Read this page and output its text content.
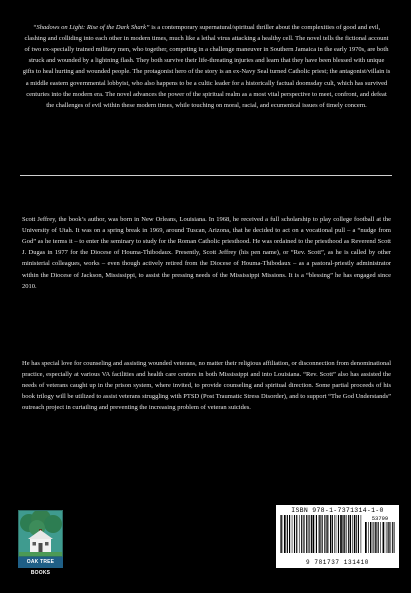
“Shadows on Light: Rise of the Dark Shark” is a contemporary supernatural/spiritual thriller about the complexities of good and evil, clashing and colliding into each other in modern times, much like a lethal virus attacking a healthy cell. The novel tells the fictional account of two ex-specially trained military men, who together, competing in a challenge maneuver in Southern Jamaica in the early 1970s, are both struck and wounded by a lightning flash. They both survive their life-threating injuries and learn that they have been blessed with unique gifts to heal hurting and wounded people. The protagonist hero of the story is an ex-Navy Seal turned Catholic priest; the antagonist/villain is a middle eastern governmental lobbyist, who also happens to be a cultic leader for a historically factual doomsday cult, which has survived centuries into the modern era. The novel advances the power of the spiritual realm as a most vital perspective to meet, confront, and defeat the challenges of evil within these modern times, while touching on moral, racial, and ecumenical issues of timely concern.

Scott Jeffrey, the book’s author, was born in New Orleans, Louisiana. In 1968, he received a full scholarship to play college football at the University of Utah. It was on a spring break in 1969, around Tuscan, Arizona, that he decided to act on a vocational pull – a “nudge from God” as he terms it – to enter the seminary to study for the Roman Catholic priesthood. He was ordained to the priesthood as Reverend Scott J. Dugas in 1977 for the Diocese of Houma-Thibodaux. Presently, Scott Jeffrey (his pen name), or “Rev. Scott”, as he is called by other ministerial colleagues, works – even though actively retired from the Diocese of Houma-Thibodaux – as a pastoral-priestly administrator within the Diocese of Jackson, Mississippi, to assist the pressing needs of the Mississippi Missions. It is a “blessing” he has engaged since 2010.

He has special love for counseling and assisting wounded veterans, no matter their religious affiliation, or disconnection from denominational practice, especially at various VA facilities and health care centers in both Mississippi and into Louisiana. “Rev. Scott” also has assisted the needs of veterans caught up in the prison system, where invited, to provide counseling and spiritual direction. Some partial proceeds of his book trilogy will be utilized to assist veterans struggling with PTSD (Post Traumatic Stress Disorder), and to support “The God Understands” outreach project in curtailing and preventing the increasing problem of veteran suicides.

OAK TREE BOOKS
ISBN 978-1-7371314-1-0
53799
9 781737 131410
